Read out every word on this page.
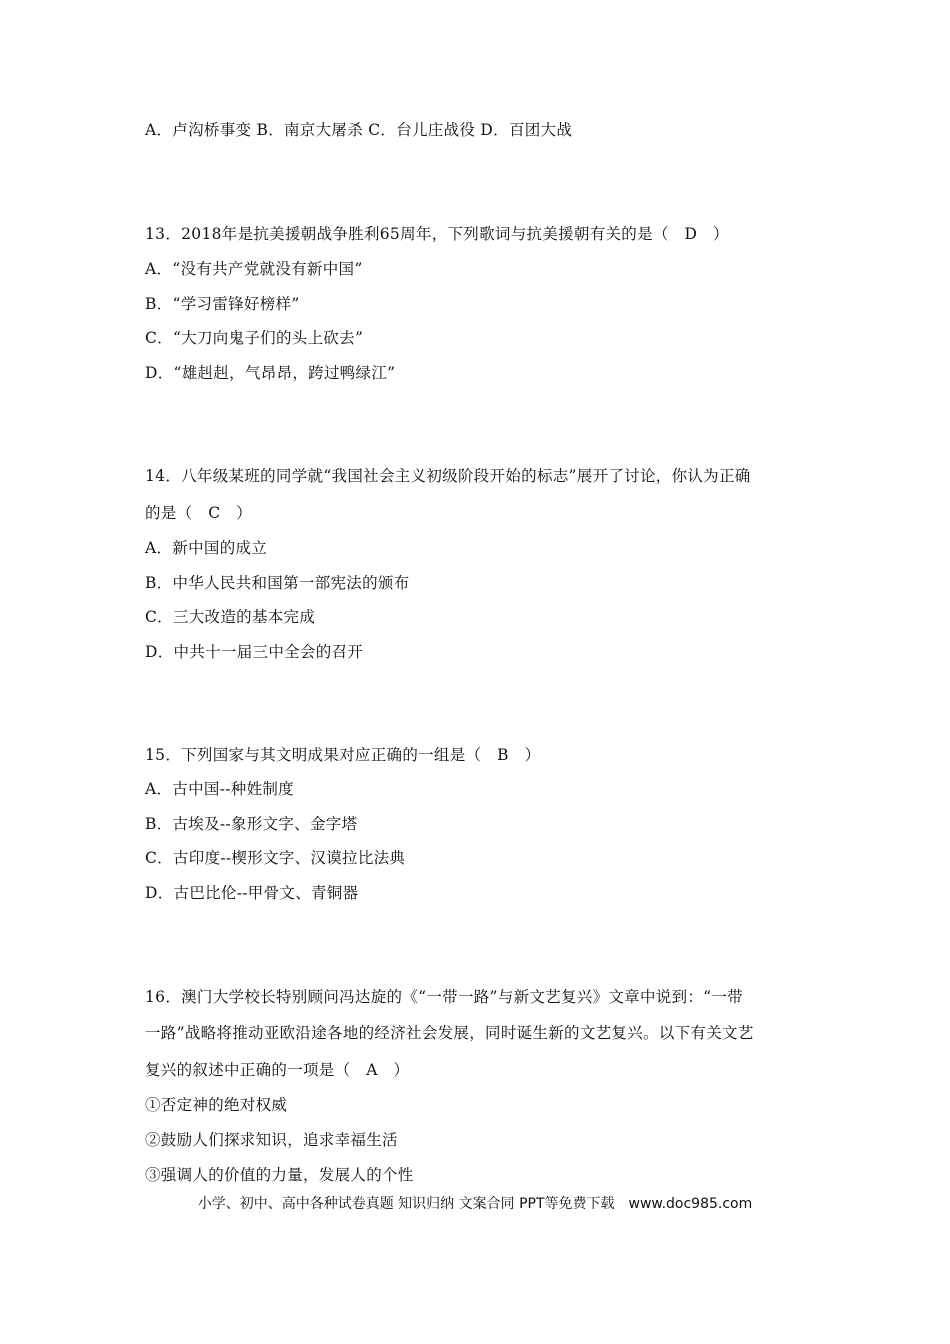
A．卢沟桥事变 B．南京大屠杀 C．台儿庄战役 D．百团大战
13．2018年是抗美援朝战争胜利65周年，下列歌词与抗美援朝有关的是（　D　）
A．“没有共产党就没有新中国”
B．“学习雷锋好榜样”
C．“大刀向鬼子们的头上砍去”
D．“雄赳赳，气昂昂，跨过鸭绿江”
14．八年级某班的同学就“我国社会主义初级阶段开始的标志”展开了讨论，你认为正确
的是（　C　）
A．新中国的成立
B．中华人民共和国第一部宪法的颁布
C．三大改造的基本完成
D．中共十一届三中全会的召开
15．下列国家与其文明成果对应正确的一组是（　B　）
A．古中国--种姓制度
B．古埃及--象形文字、金字塔
C．古印度--楔形文字、汉谟拉比法典
D．古巴比伦--甲骨文、青铜器
16．澳门大学校长特别顾问冯达旋的《“一带一路”与新文艺复兴》文章中说到：“一带
一路”战略将推动亚欧沿途各地的经济社会发展，同时诞生新的文艺复兴。以下有关文艺
复兴的叙述中正确的一项是（　A　）
①否定神的绝对权威
②鼓励人们探求知识，追求幸福生活
③强调人的价值的力量，发展人的个性
小学、初中、高中各种试卷真题 知识归纳 文案合同 PPT等免费下载　www.doc985.com
